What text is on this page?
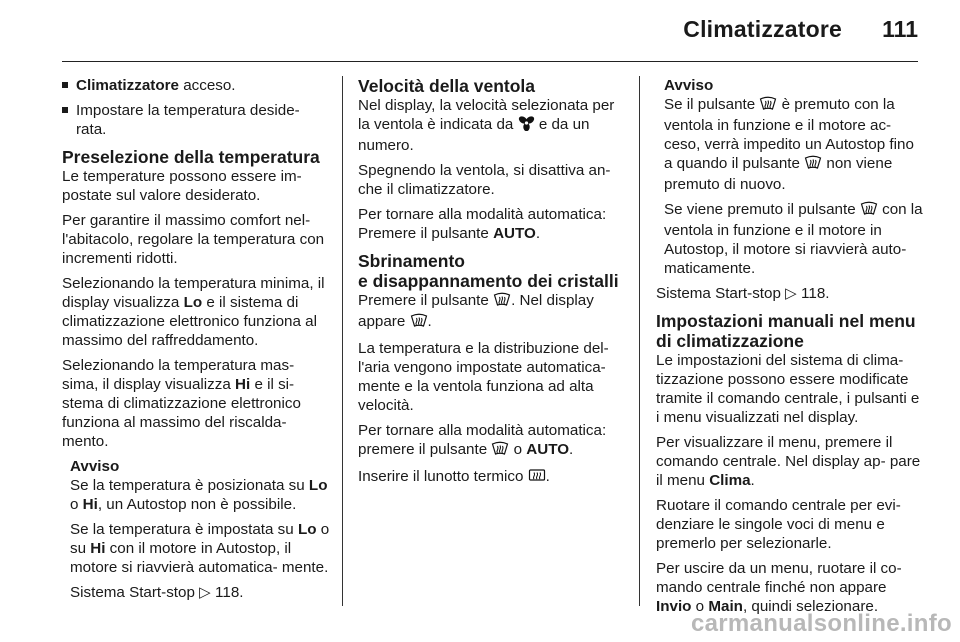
Climatizzatore 111
Climatizzatore acceso.
Impostare la temperatura deside- rata.
Preselezione della temperatura

Le temperature possono essere im- postate sul valore desiderato.

Per garantire il massimo comfort nel- l'abitacolo, regolare la temperatura con incrementi ridotti.

Selezionando la temperatura minima, il display visualizza Lo e il sistema di climatizzazione elettronico funziona al massimo del raffreddamento.

Selezionando la temperatura mas- sima, il display visualizza Hi e il si- stema di climatizzazione elettronico funziona al massimo del riscalda- mento.

Avviso

Se la temperatura è posizionata su Lo o Hi, un Autostop non è possibile.

Se la temperatura è impostata su Lo o su Hi con il motore in Autostop, il motore si riavvierà automatica- mente.

Sistema Start-stop ▷ 118.

Velocità della ventola

Nel display, la velocità selezionata per la ventola è indicata da  e da un numero.

Spegnendo la ventola, si disattiva an- che il climatizzatore.

Per tornare alla modalità automatica: Premere il pulsante AUTO.

Sbrinamento
e disappannamento dei cristalli

Premere il pulsante . Nel display appare .

La temperatura e la distribuzione del- l'aria vengono impostate automatica- mente e la ventola funziona ad alta velocità.

Per tornare alla modalità automatica: premere il pulsante  o AUTO.

Inserire il lunotto termico .

Avviso

Se il pulsante  è premuto con la ventola in funzione e il motore ac- ceso, verrà impedito un Autostop fino a quando il pulsante  non viene premuto di nuovo.

Se viene premuto il pulsante  con la ventola in funzione e il motore in Autostop, il motore si riavvierà auto- maticamente.

Sistema Start-stop ▷ 118.

Impostazioni manuali nel menu di climatizzazione

Le impostazioni del sistema di clima- tizzazione possono essere modificate tramite il comando centrale, i pulsanti e i menu visualizzati nel display.

Per visualizzare il menu, premere il comando centrale. Nel display ap- pare il menu Clima.

Ruotare il comando centrale per evi- denziare le singole voci di menu e premerlo per selezionarle.

Per uscire da un menu, ruotare il co- mando centrale finché non appare Invio o Main, quindi selezionare.

carmanualsonline.info
